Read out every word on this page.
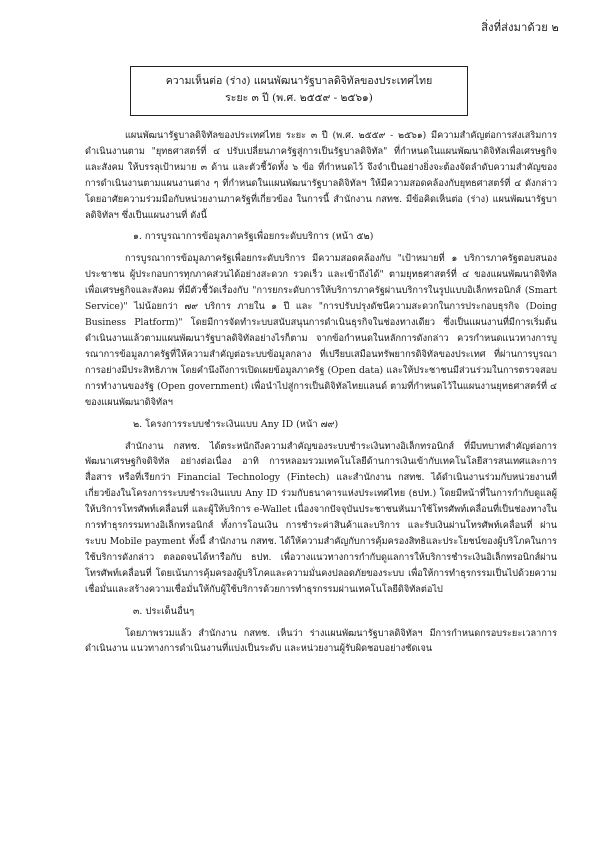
สิ่งที่ส่งมาด้วย ๒
ความเห็นต่อ (ร่าง) แผนพัฒนารัฐบาลดิจิทัลของประเทศไทย
ระยะ ๓ ปี (พ.ศ. ๒๕๕๙ - ๒๕๖๑)

แผนพัฒนารัฐบาลดิจิทัลของประเทศไทย ระยะ ๓ ปี (พ.ศ. ๒๕๕๙ - ๒๕๖๑) มีความสำคัญต่อการส่งเสริมการดำเนินงานตาม "ยุทธศาสตร์ที่ ๔ ปรับเปลี่ยนภาครัฐสู่การเป็นรัฐบาลดิจิทัล" ที่กำหนดในแผนพัฒนาดิจิทัลเพื่อเศรษฐกิจและสังคม ให้บรรลุเป้าหมาย ๓ ด้าน และตัวชี้วัดทั้ง ๖ ข้อ ที่กำหนดไว้ จึงจำเป็นอย่างยิ่งจะต้องจัดลำดับความสำคัญของการดำเนินงานตามแผนงานต่าง ๆ ที่กำหนดในแผนพัฒนารัฐบาลดิจิทัลฯ ให้มีความสอดคล้องกับยุทธศาสตร์ที่ ๔ ดังกล่าว โดยอาศัยความร่วมมือกับหน่วยงานภาครัฐที่เกี่ยวข้อง ในการนี้ สำนักงาน กสทช. มีข้อคิดเห็นต่อ (ร่าง) แผนพัฒนารัฐบาลดิจิทัลฯ ซึ่งเป็นแผนงานที่ ดังนี้

๑. การบูรณาการข้อมูลภาครัฐเพื่อยกระดับบริการ (หน้า ๕๒)

การบูรณาการข้อมูลภาครัฐเพื่อยกระดับบริการ มีความสอดคล้องกับ "เป้าหมายที่ ๑ บริการภาครัฐตอบสนองประชาชน ผู้ประกอบการทุกภาคส่วนได้อย่างสะดวก รวดเร็ว และเข้าถึงได้" ตามยุทธศาสตร์ที่ ๔ ของแผนพัฒนาดิจิทัลเพื่อเศรษฐกิจและสังคม ที่มีตัวชี้วัดเรื่องกับ "การยกระดับการให้บริการภาครัฐผ่านบริการในรูปแบบอิเล็กทรอนิกส์ (Smart Service)" ไม่น้อยกว่า ๗๙ บริการ ภายใน ๑ ปี และ "การปรับปรุงดัชนีความสะดวกในการประกอบธุรกิจ (Doing Business Platform)" โดยมีการจัดทำระบบสนับสนุนการดำเนินธุรกิจในช่องทางเดียว ซึ่งเป็นแผนงานที่มีการเริ่มต้นดำเนินงานแล้วตามแผนพัฒนารัฐบาลดิจิทัลอย่างไรก็ตาม จากข้อกำหนดในหลักการดังกล่าว ควรกำหนดแนวทางการบูรณาการข้อมูลภาครัฐที่ให้ความสำคัญต่อระบบข้อมูลกลาง ที่เปรียบเสมือนทรัพยากรดิจิทัลของประเทศ ที่ผ่านการบูรณาการอย่างมีประสิทธิภาพ โดยคำนึงถึงการเปิดเผยข้อมูลภาครัฐ (Open data) และให้ประชาชนมีส่วนร่วมในการตรวจสอบการทำงานของรัฐ (Open government) เพื่อนำไปสู่การเป็นดิจิทัลไทยแลนด์ ตามที่กำหนดไว้ในแผนงานยุทธศาสตร์ที่ ๔ ของแผนพัฒนาดิจิทัลฯ

๒. โครงการระบบชำระเงินแบบ Any ID (หน้า ๗๙)

สำนักงาน กสทช. ได้ตระหนักถึงความสำคัญของระบบชำระเงินทางอิเล็กทรอนิกส์ ที่มีบทบาทสำคัญต่อการพัฒนาเศรษฐกิจดิจิทัล อย่างต่อเนื่อง อาทิ การหลอมรวมเทคโนโลยีด้านการเงินเข้ากับเทคโนโลยีสารสนเทศและการสื่อสาร หรือที่เรียกว่า Financial Technology (Fintech) และสำนักงาน กสทช. ได้ดำเนินงานร่วมกับหน่วยงานที่เกี่ยวข้องในโครงการระบบชำระเงินแบบ Any ID ร่วมกับธนาคารแห่งประเทศไทย (ธปท.) โดยมีหน้าที่ในการกำกับดูแลผู้ให้บริการโทรศัพท์เคลื่อนที่ และผู้ให้บริการ e-Wallet เนื่องจากปัจจุบันประชาชนหันมาใช้โทรศัพท์เคลื่อนที่เป็นช่องทางในการทำธุรกรรมทางอิเล็กทรอนิกส์ ทั้งการโอนเงิน การชำระค่าสินค้าและบริการ และรับเงินผ่านโทรศัพท์เคลื่อนที่ ผ่านระบบ Mobile payment ทั้งนี้ สำนักงาน กสทช. ได้ให้ความสำคัญกับการคุ้มครองสิทธิและประโยชน์ของผู้บริโภคในการใช้บริการดังกล่าว ตลอดจนได้หารือกับ ธปท. เพื่อวางแนวทางการกำกับดูแลการให้บริการชำระเงินอิเล็กทรอนิกส์ผ่านโทรศัพท์เคลื่อนที่ โดยเน้นการคุ้มครองผู้บริโภคและความมั่นคงปลอดภัยของระบบ เพื่อให้การทำธุรกรรมเป็นไปด้วยความเชื่อมั่นและสร้างความเชื่อมั่นให้กับผู้ใช้บริการด้วยการทำธุรกรรมผ่านเทคโนโลยีดิจิทัลต่อไป

๓. ประเด็นอื่นๆ

โดยภาพรวมแล้ว สำนักงาน กสทช. เห็นว่า ร่างแผนพัฒนารัฐบาลดิจิทัลฯ มีการกำหนดกรอบระยะเวลาการดำเนินงาน แนวทางการดำเนินงานที่แบ่งเป็นระดับ และหน่วยงานผู้รับผิดชอบอย่างชัดเจน
